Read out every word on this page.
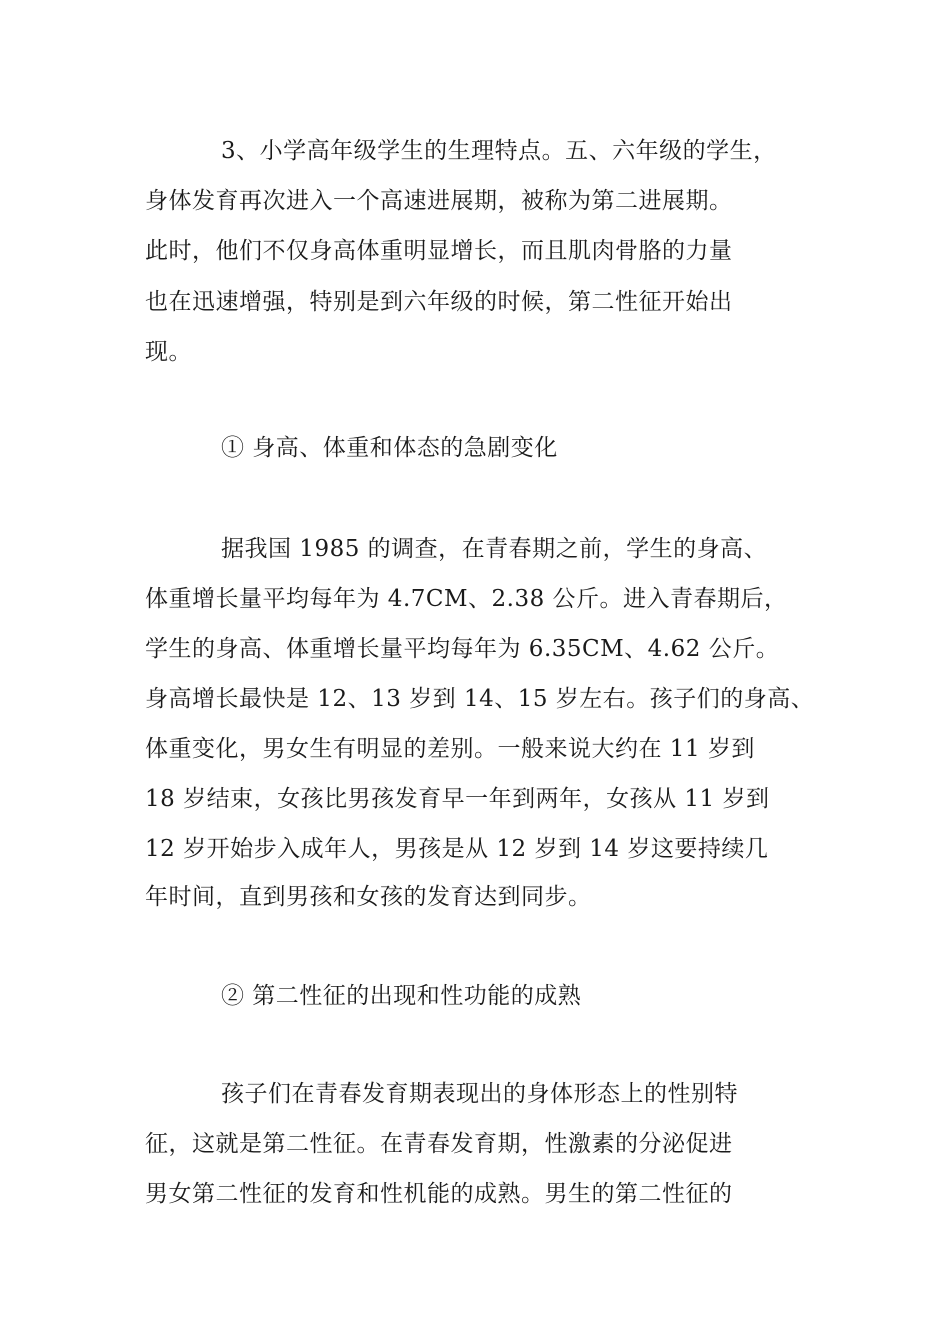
3、小学高年级学生的生理特点。五、六年级的学生，
身体发育再次进入一个高速进展期，被称为第二进展期。
此时，他们不仅身高体重明显增长，而且肌肉骨胳的力量
也在迅速增强，特别是到六年级的时候，第二性征开始出
现。
① 身高、体重和体态的急剧变化
据我国 1985 的调查，在青春期之前，学生的身高、
体重增长量平均每年为 4.7CM、2.38 公斤。进入青春期后，
学生的身高、体重增长量平均每年为 6.35CM、4.62 公斤。
身高增长最快是 12、13 岁到 14、15 岁左右。孩子们的身高、
体重变化，男女生有明显的差别。一般来说大约在 11 岁到
18 岁结束，女孩比男孩发育早一年到两年，女孩从 11 岁到
12 岁开始步入成年人，男孩是从 12 岁到 14 岁这要持续几
年时间，直到男孩和女孩的发育达到同步。
② 第二性征的出现和性功能的成熟
孩子们在青春发育期表现出的身体形态上的性别特
征，这就是第二性征。在青春发育期，性激素的分泌促进
男女第二性征的发育和性机能的成熟。男生的第二性征的
